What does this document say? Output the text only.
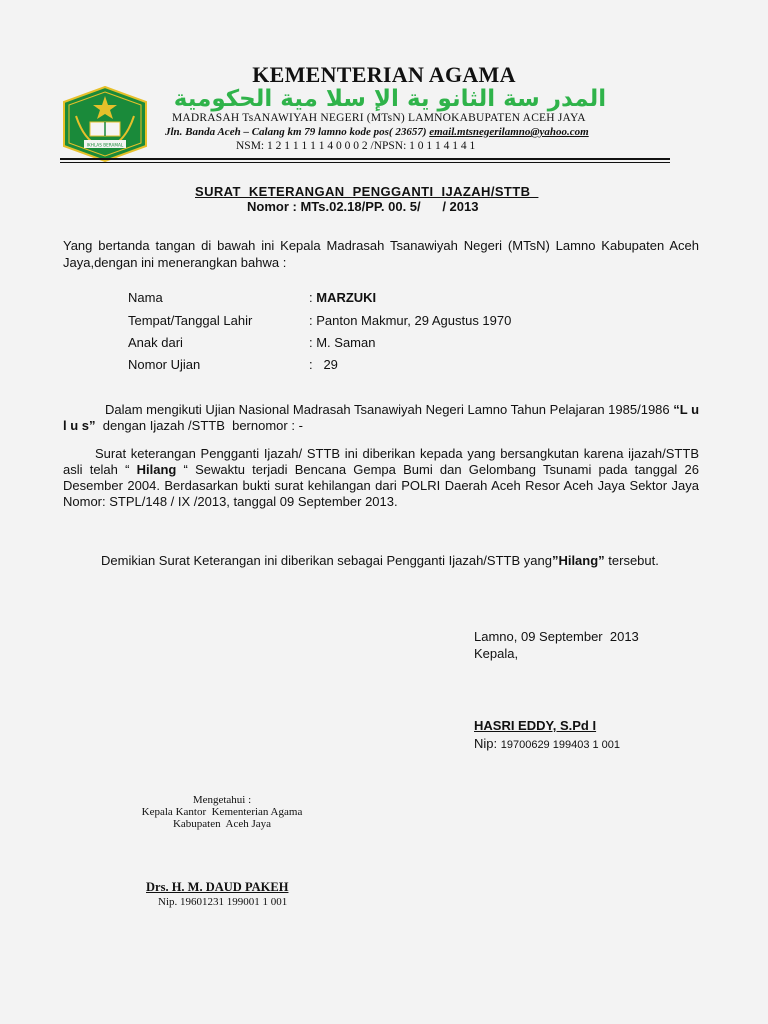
IKHLAS BERAMAL
KEMENTERIAN AGAMA
المدر سة الثانو ية الإ سلا مية الحكومية
MADRASAH TsANAWIYAH NEGERI (MTsN) LAMNOKABUPATEN ACEH JAYA
Jln. Banda Aceh – Calang km 79 lamno kode pos( 23657) email.mtsnegerilamno@yahoo.com
NSM: 1 2 1 1 1 1 1 4 0 0 0 2 /NPSN: 1 0 1 1 4 1 4 1
SURAT  KETERANGAN  PENGGANTI  IJAZAH/STTB
Nomor : MTs.02.18/PP. 00. 5/      / 2013
Yang bertanda tangan di bawah ini Kepala Madrasah Tsanawiyah Negeri (MTsN) Lamno Kabupaten Aceh Jaya,dengan ini menerangkan bahwa :
Nama	: MARZUKI
Tempat/Tanggal Lahir	: Panton Makmur, 29 Agustus 1970
Anak dari	: M. Saman
Nomor Ujian	:   29
Dalam mengikuti Ujian Nasional Madrasah Tsanawiyah Negeri Lamno Tahun Pelajaran 1985/1986 “L u l u s”  dengan Ijazah /STTB  bernomor : -
Surat keterangan Pengganti Ijazah/ STTB ini diberikan kepada yang bersangkutan karena ijazah/STTB asli telah “ Hilang “ Sewaktu terjadi Bencana Gempa Bumi dan Gelombang Tsunami pada tanggal 26 Desember 2004. Berdasarkan bukti surat kehilangan dari POLRI Daerah Aceh Resor Aceh Jaya Sektor Jaya Nomor: STPL/148 / IX /2013, tanggal 09 September 2013.
Demikian Surat Keterangan ini diberikan sebagai Pengganti Ijazah/STTB yang”Hilang” tersebut.
Lamno, 09 September  2013
Kepala,
HASRI EDDY, S.Pd I
Nip: 19700629 199403 1 001
Mengetahui :
Kepala Kantor  Kementerian Agama
Kabupaten  Aceh Jaya
Drs. H. M. DAUD PAKEH
Nip. 19601231 199001 1 001
